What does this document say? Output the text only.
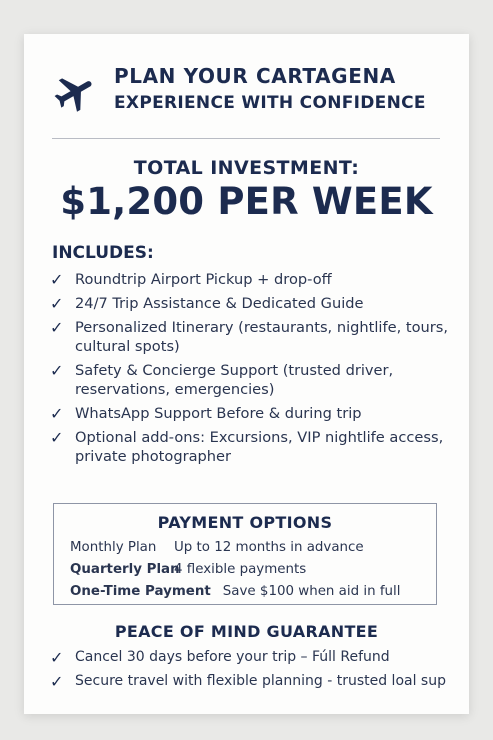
PLAN YOUR CARTAGENA
EXPERIENCE WITH CONFIDENCE
TOTAL INVESTMENT:
$1,200 PER WEEK
INCLUDES:
✓ Roundtrip Airport Pickup + drop-off
✓ 24/7 Trip Assistance & Dedicated Guide
✓ Personalized Itinerary (restaurants, nightlife, tours, cultural spots)
✓ Safety & Concierge Support (trusted driver, reservations, emergencies)
✓ WhatsApp Support Before & during trip
✓ Optional add-ons: Excursions, VIP nightlife access, private photographer
PAYMENT OPTIONS
Monthly Plan Up to 12 months in advance
Quarterly Plan4 flexible payments
One-Time Payment Save $100 when aid in full
PEACE OF MIND GUARANTEE
✓ Cancel 30 days before your trip – Fúll Refund
✓ Secure travel with flexible planning - trusted loal sup
